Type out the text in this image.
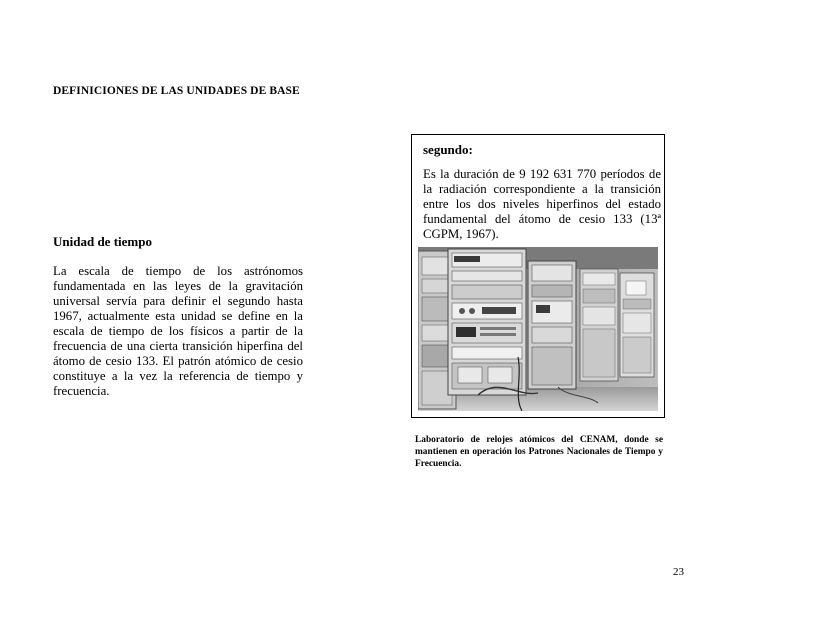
DEFINICIONES DE LAS UNIDADES DE BASE
Unidad de tiempo
La escala de tiempo de los astrónomos fundamentada en las leyes de la gravitación universal servía para definir el segundo hasta 1967, actualmente esta unidad se define en la escala de tiempo de los físicos a partir de la frecuencia de una cierta transición hiperfina del átomo de cesio 133. El patrón atómico de cesio constituye a la vez la referencia de tiempo y frecuencia.
segundo:
Es la duración de 9 192 631 770 períodos de la radiación correspondiente a la transición entre los dos niveles hiperfinos del estado fundamental del átomo de cesio 133 (13ª CGPM, 1967).
Laboratorio de relojes atómicos del CENAM, donde se mantienen en operación los Patrones Nacionales de Tiempo y Frecuencia.
23
